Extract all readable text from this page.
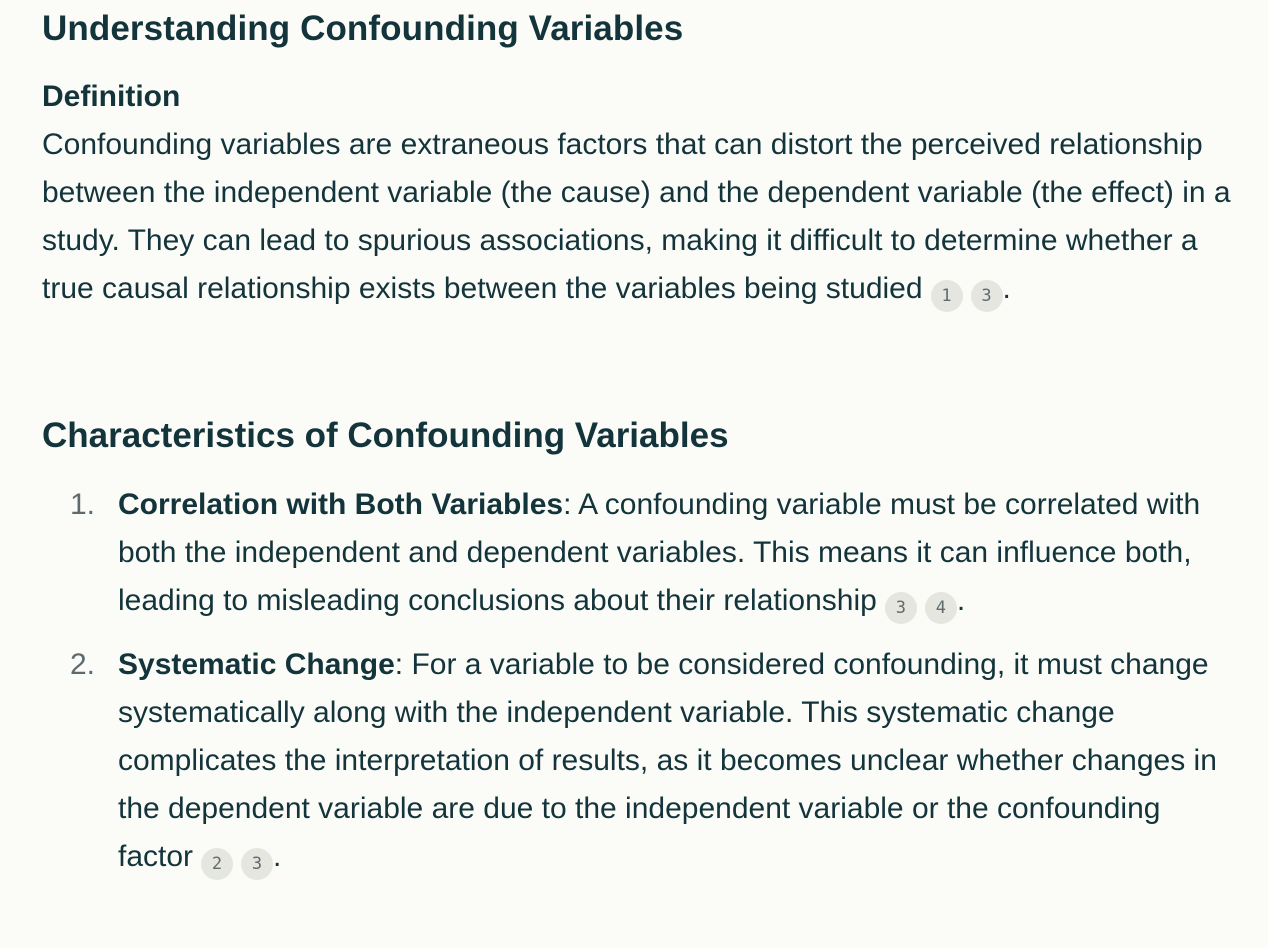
Understanding Confounding Variables
Definition

Confounding variables are extraneous factors that can distort the perceived relationship between the independent variable (the cause) and the dependent variable (the effect) in a study. They can lead to spurious associations, making it difficult to determine whether a true causal relationship exists between the variables being studied 1 3 .

Characteristics of Confounding Variables
1. Correlation with Both Variables: A confounding variable must be correlated with both the independent and dependent variables. This means it can influence both, leading to misleading conclusions about their relationship 3 4 .
2. Systematic Change: For a variable to be considered confounding, it must change systematically along with the independent variable. This systematic change complicates the interpretation of results, as it becomes unclear whether changes in the dependent variable are due to the independent variable or the confounding factor 2 3 .
